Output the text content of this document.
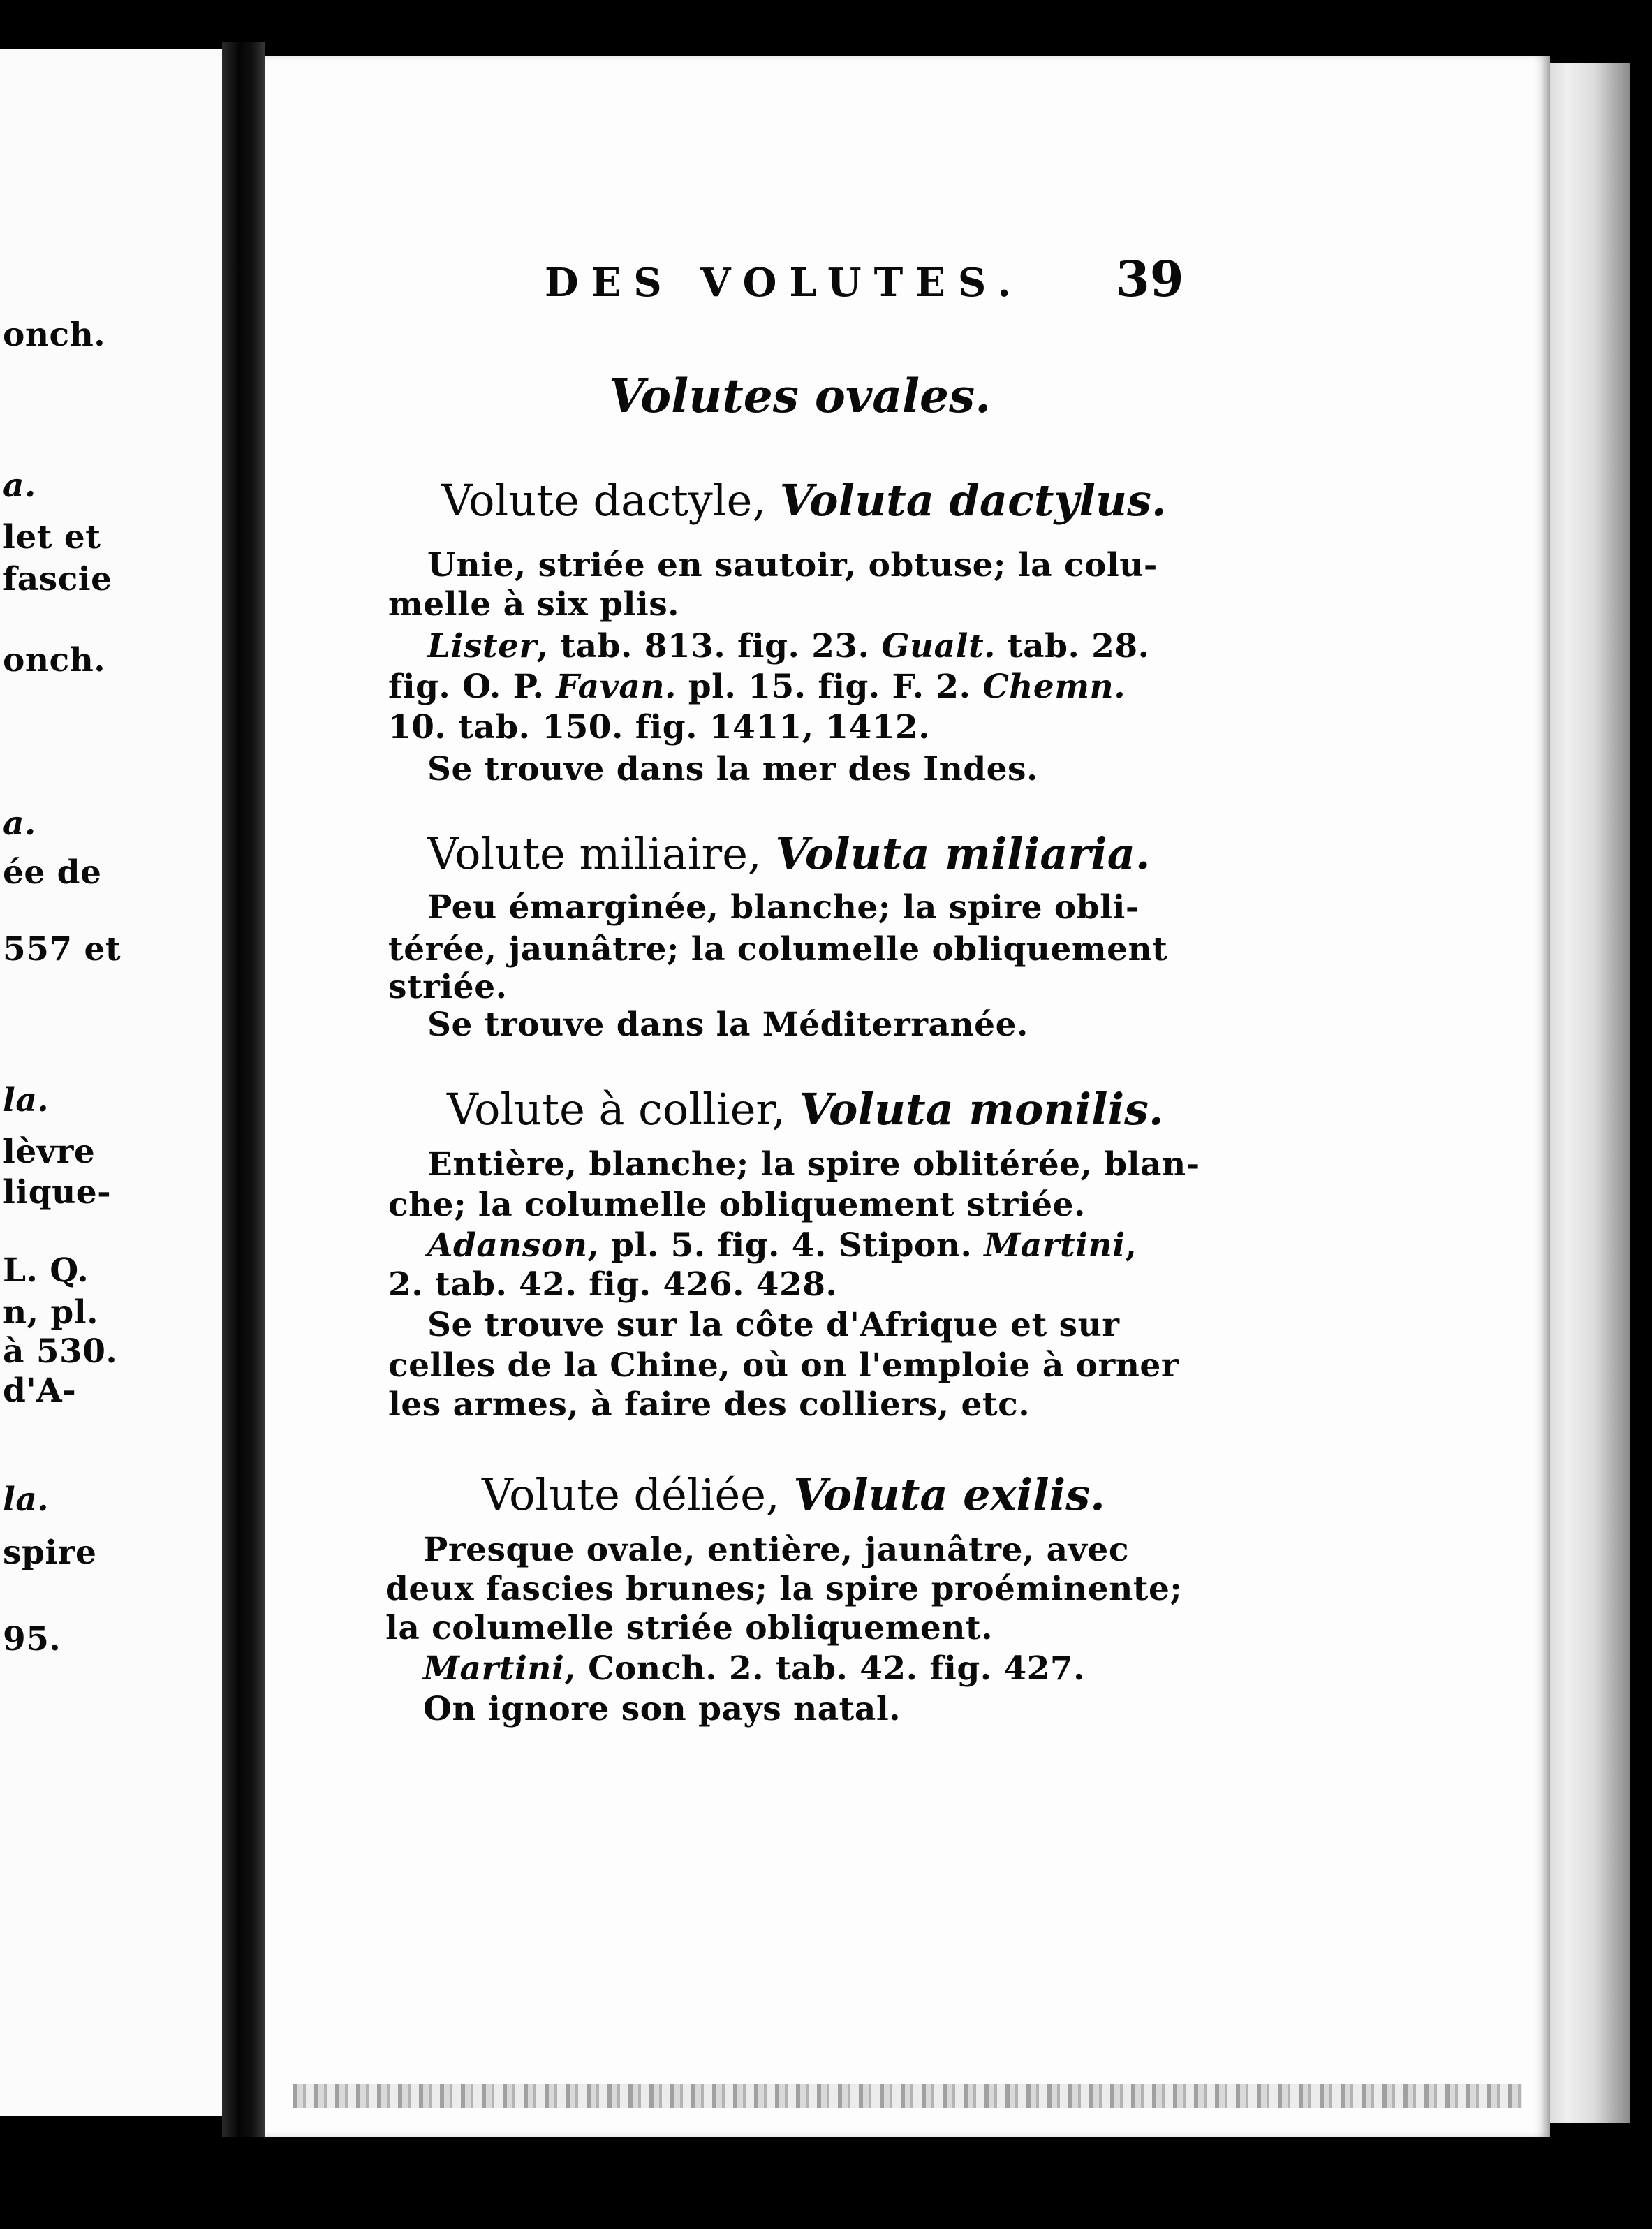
onch.
a.
let et
fascie
onch.
a.
ée de
557 et
la.
lèvre
lique-
L. Q.
n, pl.
à 530.
d'A-
la.
spire
95.
DES VOLUTES. 39
Volutes ovales.
Volute dactyle, Voluta dactylus.
Unie, striée en sautoir, obtuse; la colu-
melle à six plis.
Lister, tab. 813. fig. 23. Gualt. tab. 28.
fig. O. P. Favan. pl. 15. fig. F. 2. Chemn.
10. tab. 150. fig. 1411, 1412.
Se trouve dans la mer des Indes.
Volute miliaire, Voluta miliaria.
Peu émarginée, blanche; la spire obli-
térée, jaunâtre; la columelle obliquement
striée.
Se trouve dans la Méditerranée.
Volute à collier, Voluta monilis.
Entière, blanche; la spire oblitérée, blan-
che; la columelle obliquement striée.
Adanson, pl. 5. fig. 4. Stipon. Martini,
2. tab. 42. fig. 426. 428.
Se trouve sur la côte d'Afrique et sur
celles de la Chine, où on l'emploie à orner
les armes, à faire des colliers, etc.
Volute déliée, Voluta exilis.
Presque ovale, entière, jaunâtre, avec
deux fascies brunes; la spire proéminente;
la columelle striée obliquement.
Martini, Conch. 2. tab. 42. fig. 427.
On ignore son pays natal.
